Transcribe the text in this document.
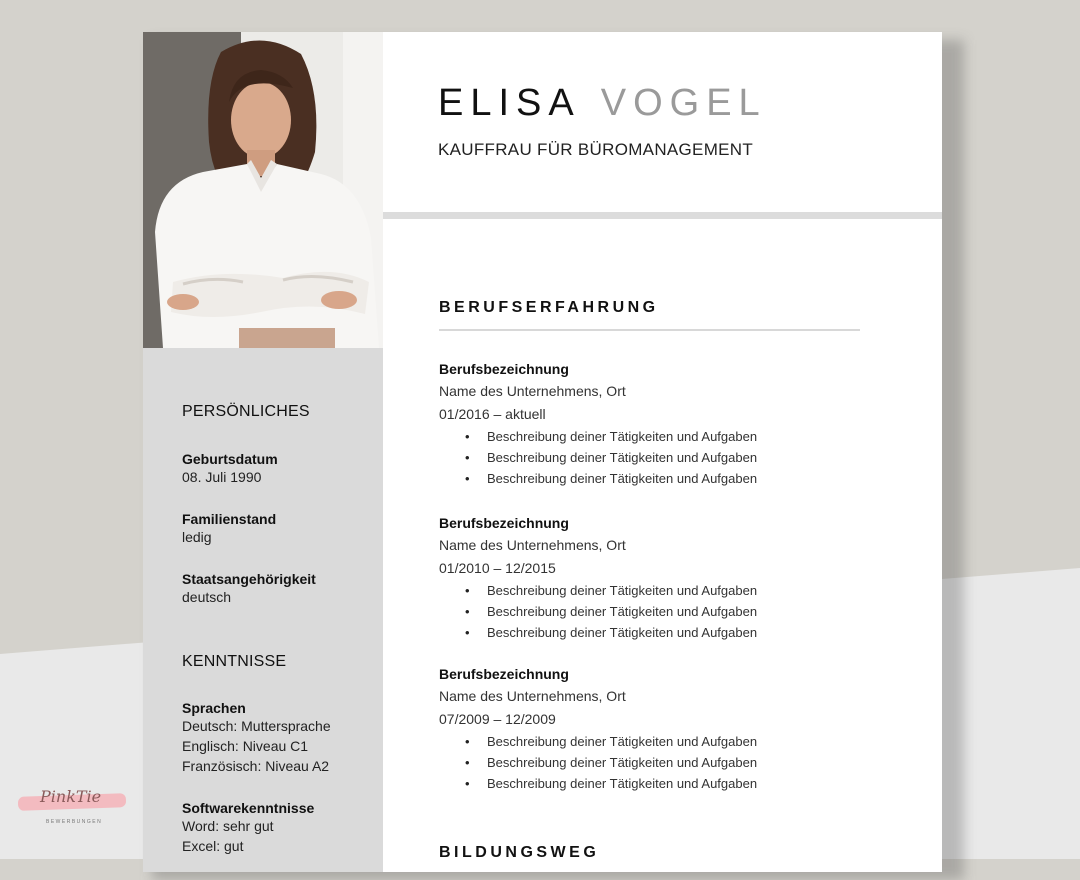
ELISA VOGEL
KAUFFRAU FÜR BÜROMANAGEMENT
PERSÖNLICHES
Geburtsdatum
08. Juli 1990
Familienstand
ledig
Staatsangehörigkeit
deutsch
KENNTNISSE
Sprachen
Deutsch: Muttersprache
Englisch: Niveau C1
Französisch: Niveau A2
Softwarekenntnisse
Word: sehr gut
Excel: gut
BERUFSERFAHRUNG
Berufsbezeichnung
Name des Unternehmens, Ort
01/2016 – aktuell
• Beschreibung deiner Tätigkeiten und Aufgaben
• Beschreibung deiner Tätigkeiten und Aufgaben
• Beschreibung deiner Tätigkeiten und Aufgaben
Berufsbezeichnung
Name des Unternehmens, Ort
01/2010 – 12/2015
• Beschreibung deiner Tätigkeiten und Aufgaben
• Beschreibung deiner Tätigkeiten und Aufgaben
• Beschreibung deiner Tätigkeiten und Aufgaben
Berufsbezeichnung
Name des Unternehmens, Ort
07/2009 – 12/2009
• Beschreibung deiner Tätigkeiten und Aufgaben
• Beschreibung deiner Tätigkeiten und Aufgaben
• Beschreibung deiner Tätigkeiten und Aufgaben
BILDUNGSWEG
PinkTie
BEWERBUNGEN
